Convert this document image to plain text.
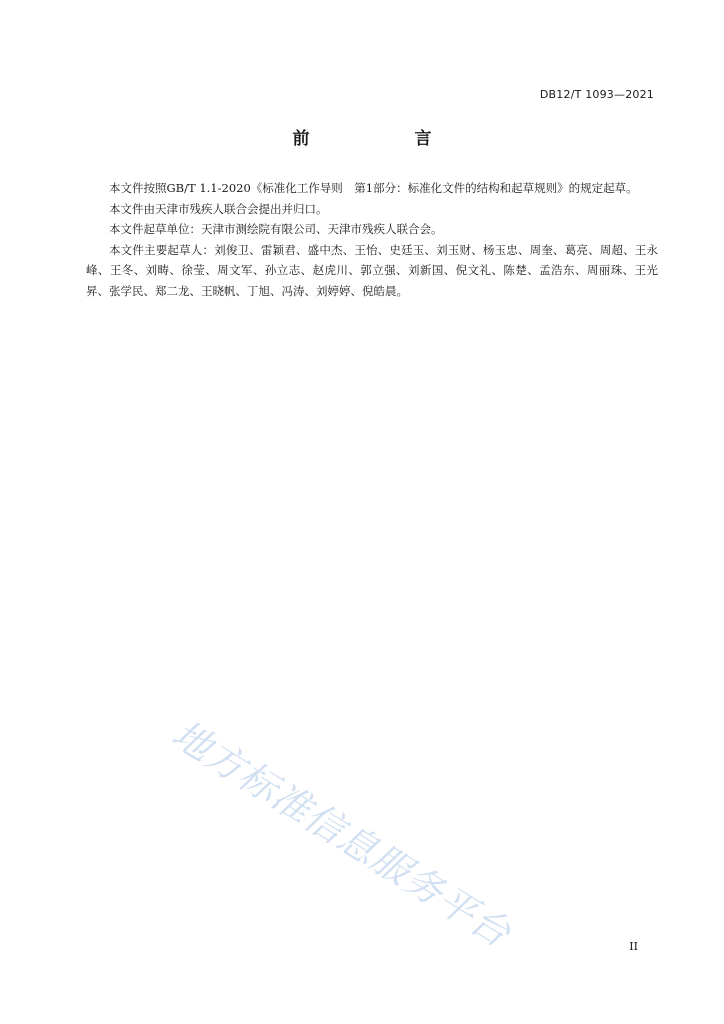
DB12/T 1093—2021
前　言

本文件按照GB/T 1.1-2020《标准化工作导则　第1部分：标准化文件的结构和起草规则》的规定起草。

本文件由天津市残疾人联合会提出并归口。

本文件起草单位：天津市测绘院有限公司、天津市残疾人联合会。

本文件主要起草人：刘俊卫、雷颖君、盛中杰、王怡、史廷玉、刘玉财、杨玉忠、周奎、葛亮、周超、王永峰、王冬、刘畴、徐莹、周文军、孙立志、赵虎川、郭立强、刘新国、倪文礼、陈楚、孟浩东、周丽珠、王光昇、张学民、郑二龙、王晓帆、丁旭、冯涛、刘婷婷、倪皓晨。

地方标准信息服务平台	II
